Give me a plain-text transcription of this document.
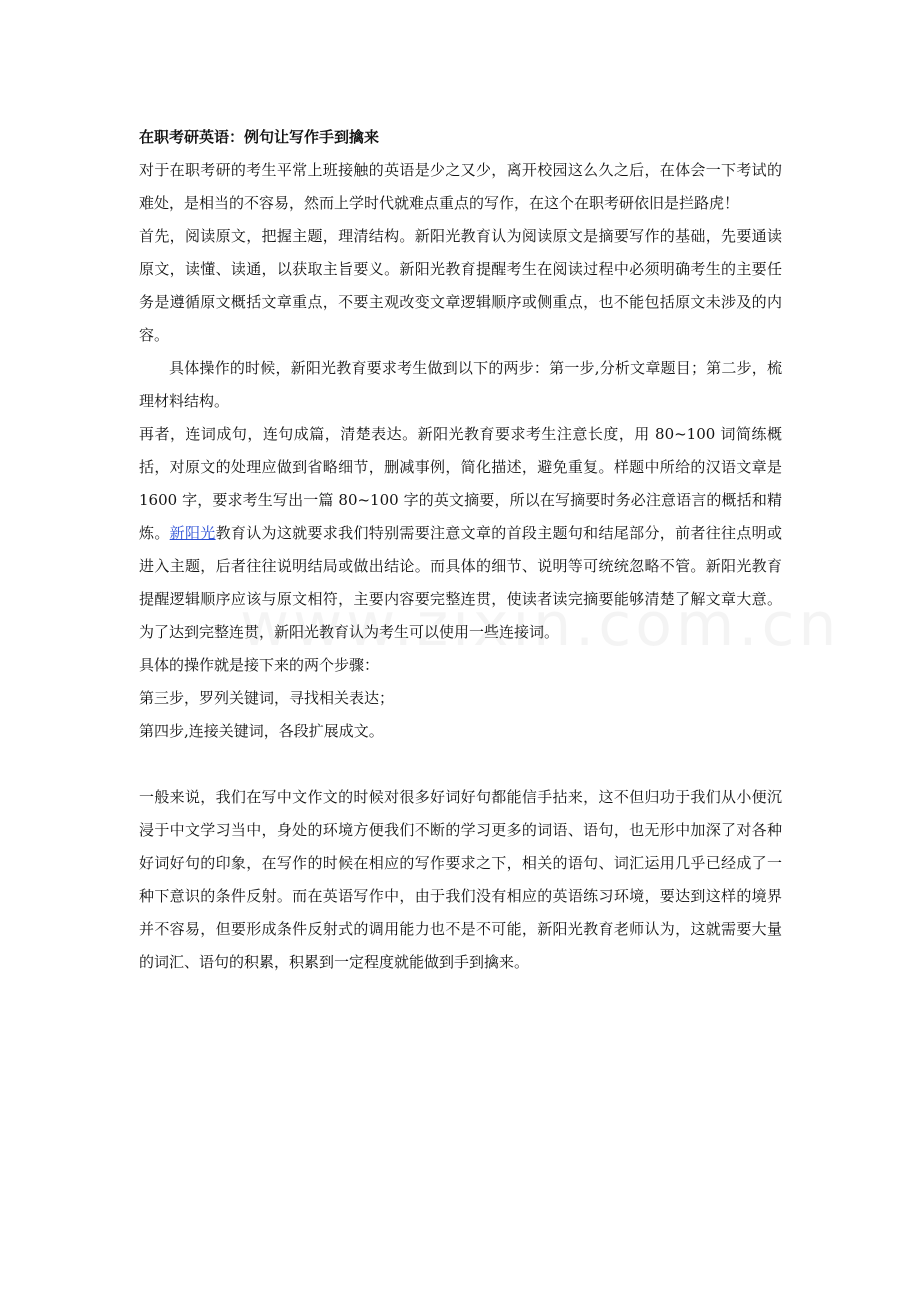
在职考研英语：例句让写作手到擒来

对于在职考研的考生平常上班接触的英语是少之又少，离开校园这么久之后，在体会一下考试的难处，是相当的不容易，然而上学时代就难点重点的写作，在这个在职考研依旧是拦路虎！

首先，阅读原文，把握主题，理清结构。新阳光教育认为阅读原文是摘要写作的基础，先要通读原文，读懂、读通，以获取主旨要义。新阳光教育提醒考生在阅读过程中必须明确考生的主要任务是遵循原文概括文章重点，不要主观改变文章逻辑顺序或侧重点，也不能包括原文未涉及的内容。

具体操作的时候，新阳光教育要求考生做到以下的两步：第一步,分析文章题目；第二步，梳理材料结构。

再者，连词成句，连句成篇，清楚表达。新阳光教育要求考生注意长度，用 80~100 词简练概括，对原文的处理应做到省略细节，删减事例，简化描述，避免重复。样题中所给的汉语文章是 1600 字，要求考生写出一篇 80~100 字的英文摘要，所以在写摘要时务必注意语言的概括和精炼。新阳光教育认为这就要求我们特别需要注意文章的首段主题句和结尾部分，前者往往点明或进入主题，后者往往说明结局或做出结论。而具体的细节、说明等可统统忽略不管。新阳光教育提醒逻辑顺序应该与原文相符，主要内容要完整连贯，使读者读完摘要能够清楚了解文章大意。为了达到完整连贯，新阳光教育认为考生可以使用一些连接词。

具体的操作就是接下来的两个步骤：

第三步，罗列关键词，寻找相关表达；

第四步,连接关键词，各段扩展成文。

一般来说，我们在写中文作文的时候对很多好词好句都能信手拈来，这不但归功于我们从小便沉浸于中文学习当中，身处的环境方便我们不断的学习更多的词语、语句，也无形中加深了对各种好词好句的印象，在写作的时候在相应的写作要求之下，相关的语句、词汇运用几乎已经成了一种下意识的条件反射。而在英语写作中，由于我们没有相应的英语练习环境，要达到这样的境界并不容易，但要形成条件反射式的调用能力也不是不可能，新阳光教育老师认为，这就需要大量的词汇、语句的积累，积累到一定程度就能做到手到擒来。
